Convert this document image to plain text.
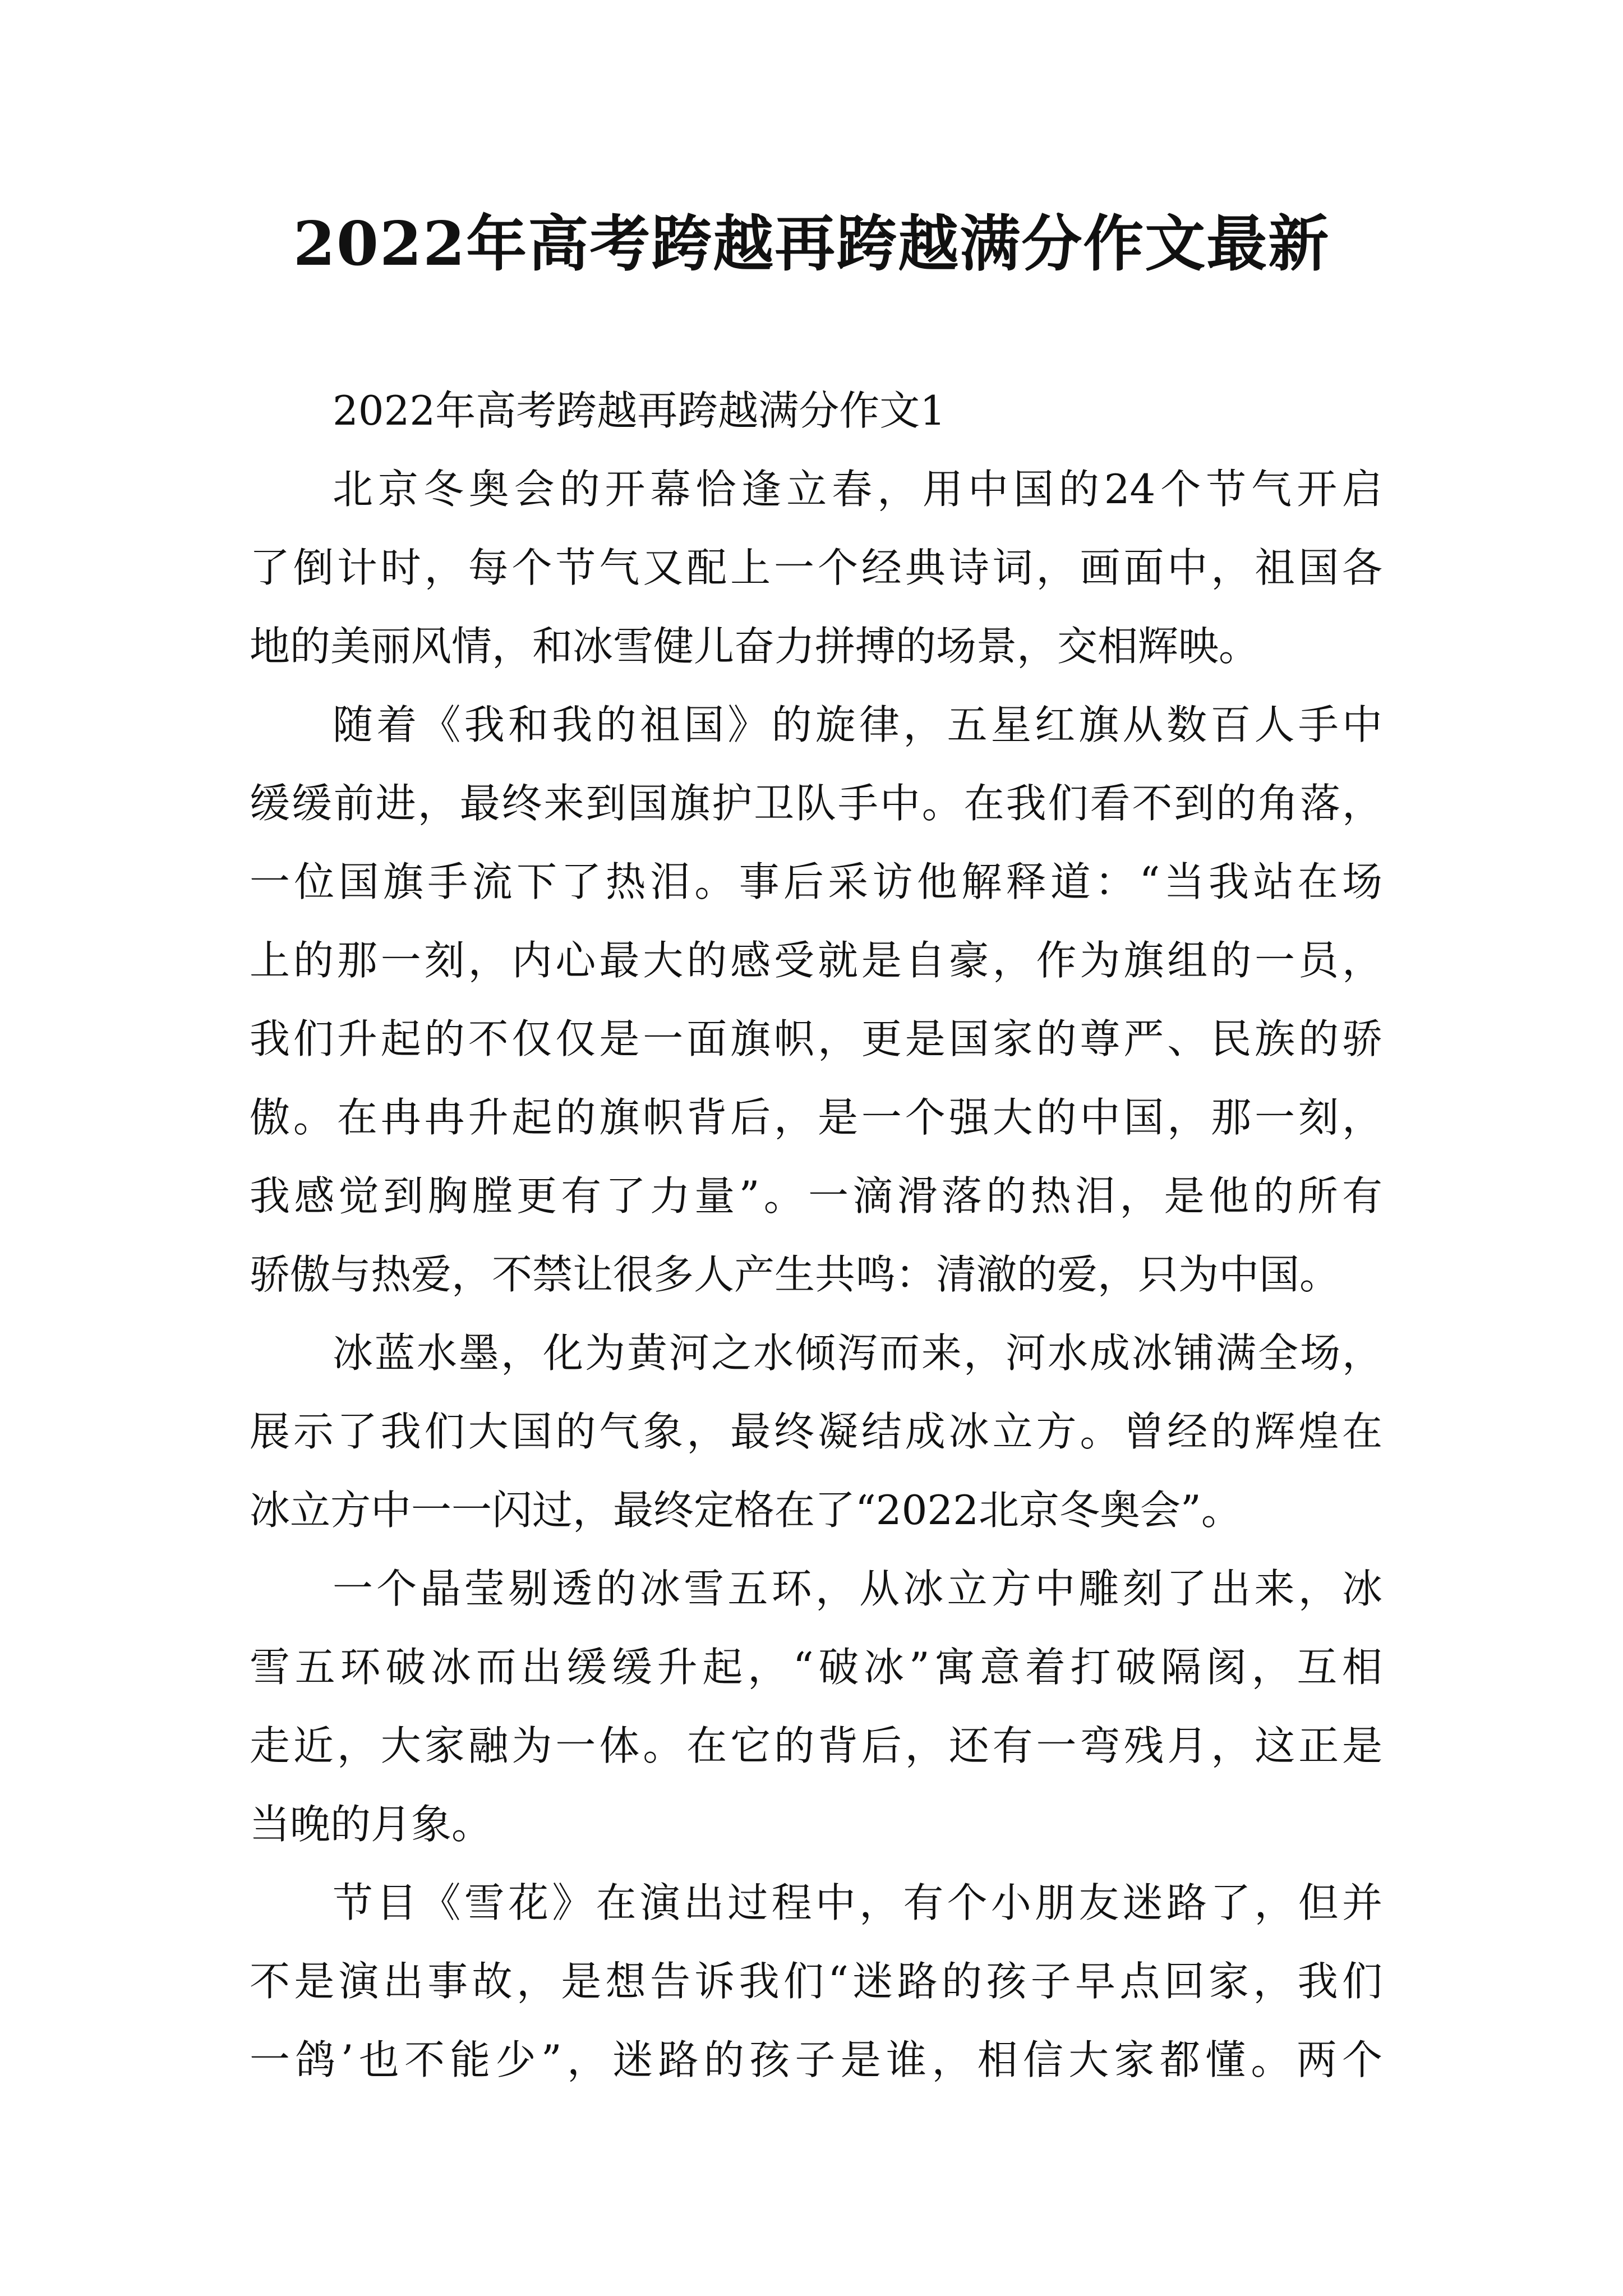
2022年高考跨越再跨越满分作文最新
2022年高考跨越再跨越满分作文1
北京冬奥会的开幕恰逢立春，用中国的24个节气开启
了倒计时，每个节气又配上一个经典诗词，画面中，祖国各
地的美丽风情，和冰雪健儿奋力拼搏的场景，交相辉映。
随着《我和我的祖国》的旋律，五星红旗从数百人手中
缓缓前进，最终来到国旗护卫队手中。在我们看不到的角落，
一位国旗手流下了热泪。事后采访他解释道：“当我站在场
上的那一刻，内心最大的感受就是自豪，作为旗组的一员，
我们升起的不仅仅是一面旗帜，更是国家的尊严、民族的骄
傲。在冉冉升起的旗帜背后，是一个强大的中国，那一刻，
我感觉到胸膛更有了力量”。一滴滑落的热泪，是他的所有
骄傲与热爱，不禁让很多人产生共鸣：清澈的爱，只为中国。
冰蓝水墨，化为黄河之水倾泻而来，河水成冰铺满全场，
展示了我们大国的气象，最终凝结成冰立方。曾经的辉煌在
冰立方中一一闪过，最终定格在了“2022北京冬奥会”。
一个晶莹剔透的冰雪五环，从冰立方中雕刻了出来，冰
雪五环破冰而出缓缓升起，“破冰”寓意着打破隔阂，互相
走近，大家融为一体。在它的背后，还有一弯残月，这正是
当晚的月象。
节目《雪花》在演出过程中，有个小朋友迷路了，但并
不是演出事故，是想告诉我们“迷路的孩子早点回家，我们
一鸽’也不能少”，迷路的孩子是谁，相信大家都懂。两个
